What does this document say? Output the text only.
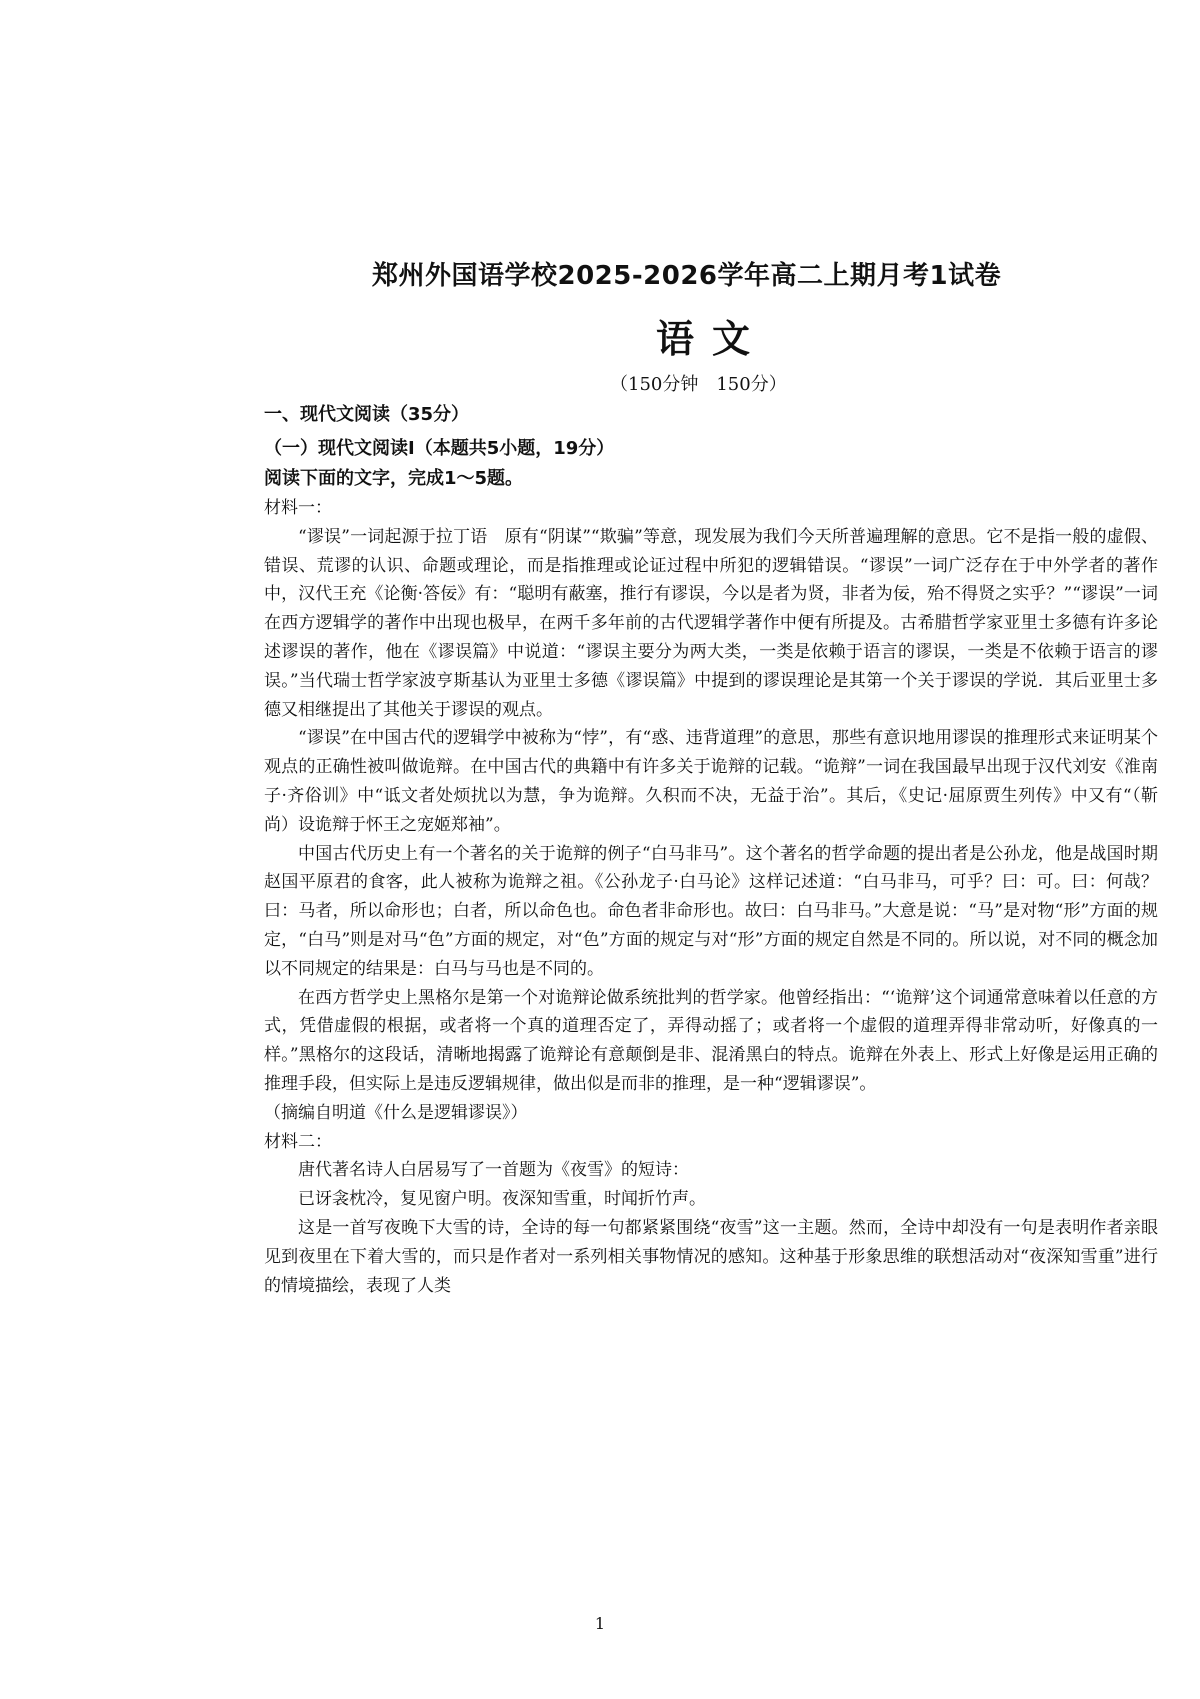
郑州外国语学校2025-2026学年高二上期月考1试卷
语文

（150分钟　150分）

一、现代文阅读（35分）

（一）现代文阅读Ⅰ（本题共5小题，19分）

阅读下面的文字，完成1～5题。

材料一：

“谬误”一词起源于拉丁语　原有“阴谋”“欺骗”等意，现发展为我们今天所普遍理解的意思。它不是指一般的虚假、错误、荒谬的认识、命题或理论，而是指推理或论证过程中所犯的逻辑错误。“谬误”一词广泛存在于中外学者的著作中，汉代王充《论衡·答佞》有：“聪明有蔽塞，推行有谬误，今以是者为贤，非者为佞，殆不得贤之实乎？”“谬误”一词在西方逻辑学的著作中出现也极早，在两千多年前的古代逻辑学著作中便有所提及。古希腊哲学家亚里士多德有许多论述谬误的著作，他在《谬误篇》中说道：“谬误主要分为两大类，一类是依赖于语言的谬误，一类是不依赖于语言的谬误。”当代瑞士哲学家波亨斯基认为亚里士多德《谬误篇》中提到的谬误理论是其第一个关于谬误的学说．其后亚里士多德又相继提出了其他关于谬误的观点。

“谬误”在中国古代的逻辑学中被称为“悖”，有“惑、违背道理”的意思，那些有意识地用谬误的推理形式来证明某个观点的正确性被叫做诡辩。在中国古代的典籍中有许多关于诡辩的记载。“诡辩”一词在我国最早出现于汉代刘安《淮南子·齐俗训》中“诋文者处烦扰以为慧，争为诡辩。久积而不决，无益于治”。其后，《史记·屈原贾生列传》中又有“（靳尚）设诡辩于怀王之宠姬郑袖”。

中国古代历史上有一个著名的关于诡辩的例子“白马非马”。这个著名的哲学命题的提出者是公孙龙，他是战国时期赵国平原君的食客，此人被称为诡辩之祖。《公孙龙子·白马论》这样记述道：“白马非马，可乎？曰：可。曰：何哉？曰：马者，所以命形也；白者，所以命色也。命色者非命形也。故曰：白马非马。”大意是说：“马”是对物“形”方面的规定，“白马”则是对马“色”方面的规定，对“色”方面的规定与对“形”方面的规定自然是不同的。所以说，对不同的概念加以不同规定的结果是：白马与马也是不同的。

在西方哲学史上黑格尔是第一个对诡辩论做系统批判的哲学家。他曾经指出：“‘诡辩’这个词通常意味着以任意的方式，凭借虚假的根据，或者将一个真的道理否定了，弄得动摇了；或者将一个虚假的道理弄得非常动听，好像真的一样。”黑格尔的这段话，清晰地揭露了诡辩论有意颠倒是非、混淆黑白的特点。诡辩在外表上、形式上好像是运用正确的推理手段，但实际上是违反逻辑规律，做出似是而非的推理，是一种“逻辑谬误”。

（摘编自明道《什么是逻辑谬误》）

材料二：

唐代著名诗人白居易写了一首题为《夜雪》的短诗：

已讶衾枕冷，复见窗户明。夜深知雪重，时闻折竹声。

这是一首写夜晚下大雪的诗，全诗的每一句都紧紧围绕“夜雪”这一主题。然而，全诗中却没有一句是表明作者亲眼见到夜里在下着大雪的，而只是作者对一系列相关事物情况的感知。这种基于形象思维的联想活动对“夜深知雪重”进行的情境描绘，表现了人类

1
